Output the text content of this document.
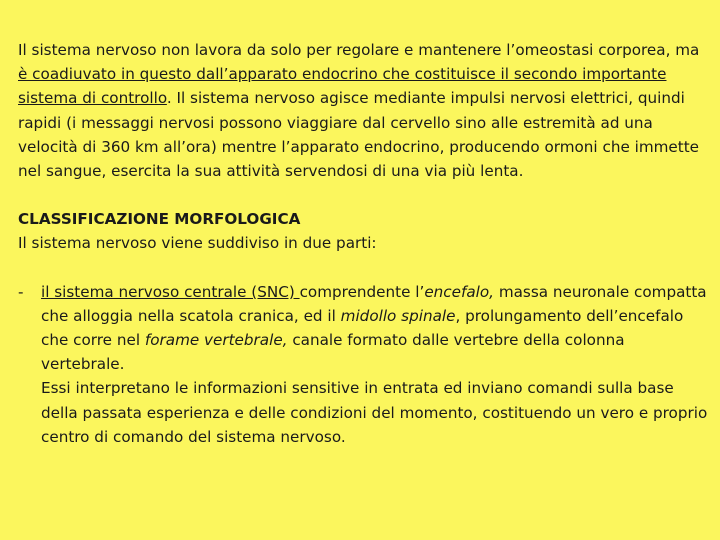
Il sistema nervoso non lavora da solo per regolare e mantenere l’omeostasi corporea, ma è coadiuvato in questo dall’apparato endocrino che costituisce il secondo importante sistema di controllo. Il sistema nervoso agisce mediante impulsi nervosi elettrici, quindi rapidi (i messaggi nervosi possono viaggiare dal cervello sino alle estremità ad una velocità di 360 km all’ora) mentre l’apparato endocrino, producendo ormoni che immette nel sangue, esercita la sua attività servendosi di una via più lenta.

CLASSIFICAZIONE MORFOLOGICA

Il sistema nervoso viene suddiviso in due parti:

- il sistema nervoso centrale (SNC) comprendente l’encefalo, massa neuronale compatta che alloggia nella scatola cranica, ed il midollo spinale, prolungamento dell’encefalo che corre nel forame vertebrale, canale formato dalle vertebre della colonna vertebrale.

Essi interpretano le informazioni sensitive in entrata ed inviano comandi sulla base della passata esperienza e delle condizioni del momento, costituendo un vero e proprio centro di comando del sistema nervoso.
